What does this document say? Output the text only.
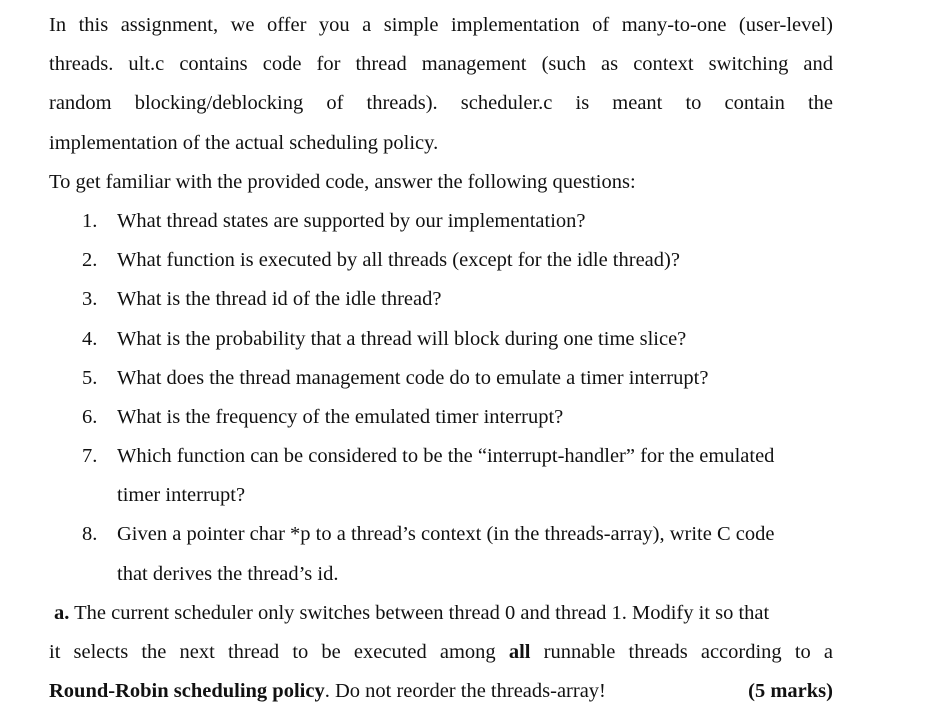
In this assignment, we offer you a simple implementation of many-to-one (user-level)
threads. ult.c contains code for thread management (such as context switching and
random blocking/deblocking of threads). scheduler.c is meant to contain the
implementation of the actual scheduling policy.
To get familiar with the provided code, answer the following questions:
1. What thread states are supported by our implementation?
2. What function is executed by all threads (except for the idle thread)?
3. What is the thread id of the idle thread?
4. What is the probability that a thread will block during one time slice?
5. What does the thread management code do to emulate a timer interrupt?
6. What is the frequency of the emulated timer interrupt?
7. Which function can be considered to be the “interrupt-handler” for the emulated
timer interrupt?
8. Given a pointer char *p to a thread’s context (in the threads-array), write C code
that derives the thread’s id.
a. The current scheduler only switches between thread 0 and thread 1. Modify it so that
it selects the next thread to be executed among all runnable threads according to a
Round-Robin scheduling policy. Do not reorder the threads-array!	(5 marks)
